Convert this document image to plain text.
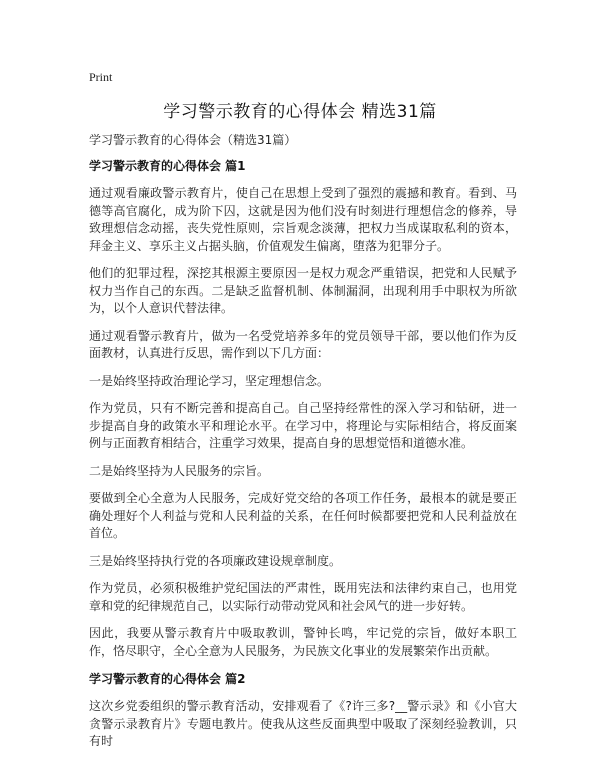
Print
学习警示教育的心得体会 精选31篇

学习警示教育的心得体会（精选31篇）

学习警示教育的心得体会 篇1

通过观看廉政警示教育片，使自己在思想上受到了强烈的震撼和教育。看到、马德等高官腐化，成为阶下囚，这就是因为他们没有时刻进行理想信念的修养，导致理想信念动摇，丧失党性原则，宗旨观念淡薄，把权力当成谋取私利的资本，拜金主义、享乐主义占据头脑，价值观发生偏离，堕落为犯罪分子。

他们的犯罪过程，深挖其根源主要原因一是权力观念严重错误，把党和人民赋予权力当作自己的东西。二是缺乏监督机制、体制漏洞，出现利用手中职权为所欲为，以个人意识代替法律。

通过观看警示教育片，做为一名受党培养多年的党员领导干部，要以他们作为反面教材，认真进行反思，需作到以下几方面：

一是始终坚持政治理论学习，坚定理想信念。

作为党员，只有不断完善和提高自己。自己坚持经常性的深入学习和钻研，进一步提高自身的政策水平和理论水平。在学习中，将理论与实际相结合，将反面案例与正面教育相结合，注重学习效果，提高自身的思想觉悟和道德水准。

二是始终坚持为人民服务的宗旨。

要做到全心全意为人民服务，完成好党交给的各项工作任务，最根本的就是要正确处理好个人利益与党和人民利益的关系，在任何时候都要把党和人民利益放在首位。

三是始终坚持执行党的各项廉政建设规章制度。

作为党员，必须积极维护党纪国法的严肃性，既用宪法和法律约束自己，也用党章和党的纪律规范自己，以实际行动带动党风和社会风气的进一步好转。

因此，我要从警示教育片中吸取教训，警钟长鸣，牢记党的宗旨，做好本职工作，恪尽职守，全心全意为人民服务，为民族文化事业的发展繁荣作出贡献。

学习警示教育的心得体会 篇2

这次乡党委组织的警示教育活动，安排观看了《?许三多?__警示录》和《小官大贪警示录教育片》专题电教片。使我从这些反面典型中吸取了深刻经验教训，只有时
